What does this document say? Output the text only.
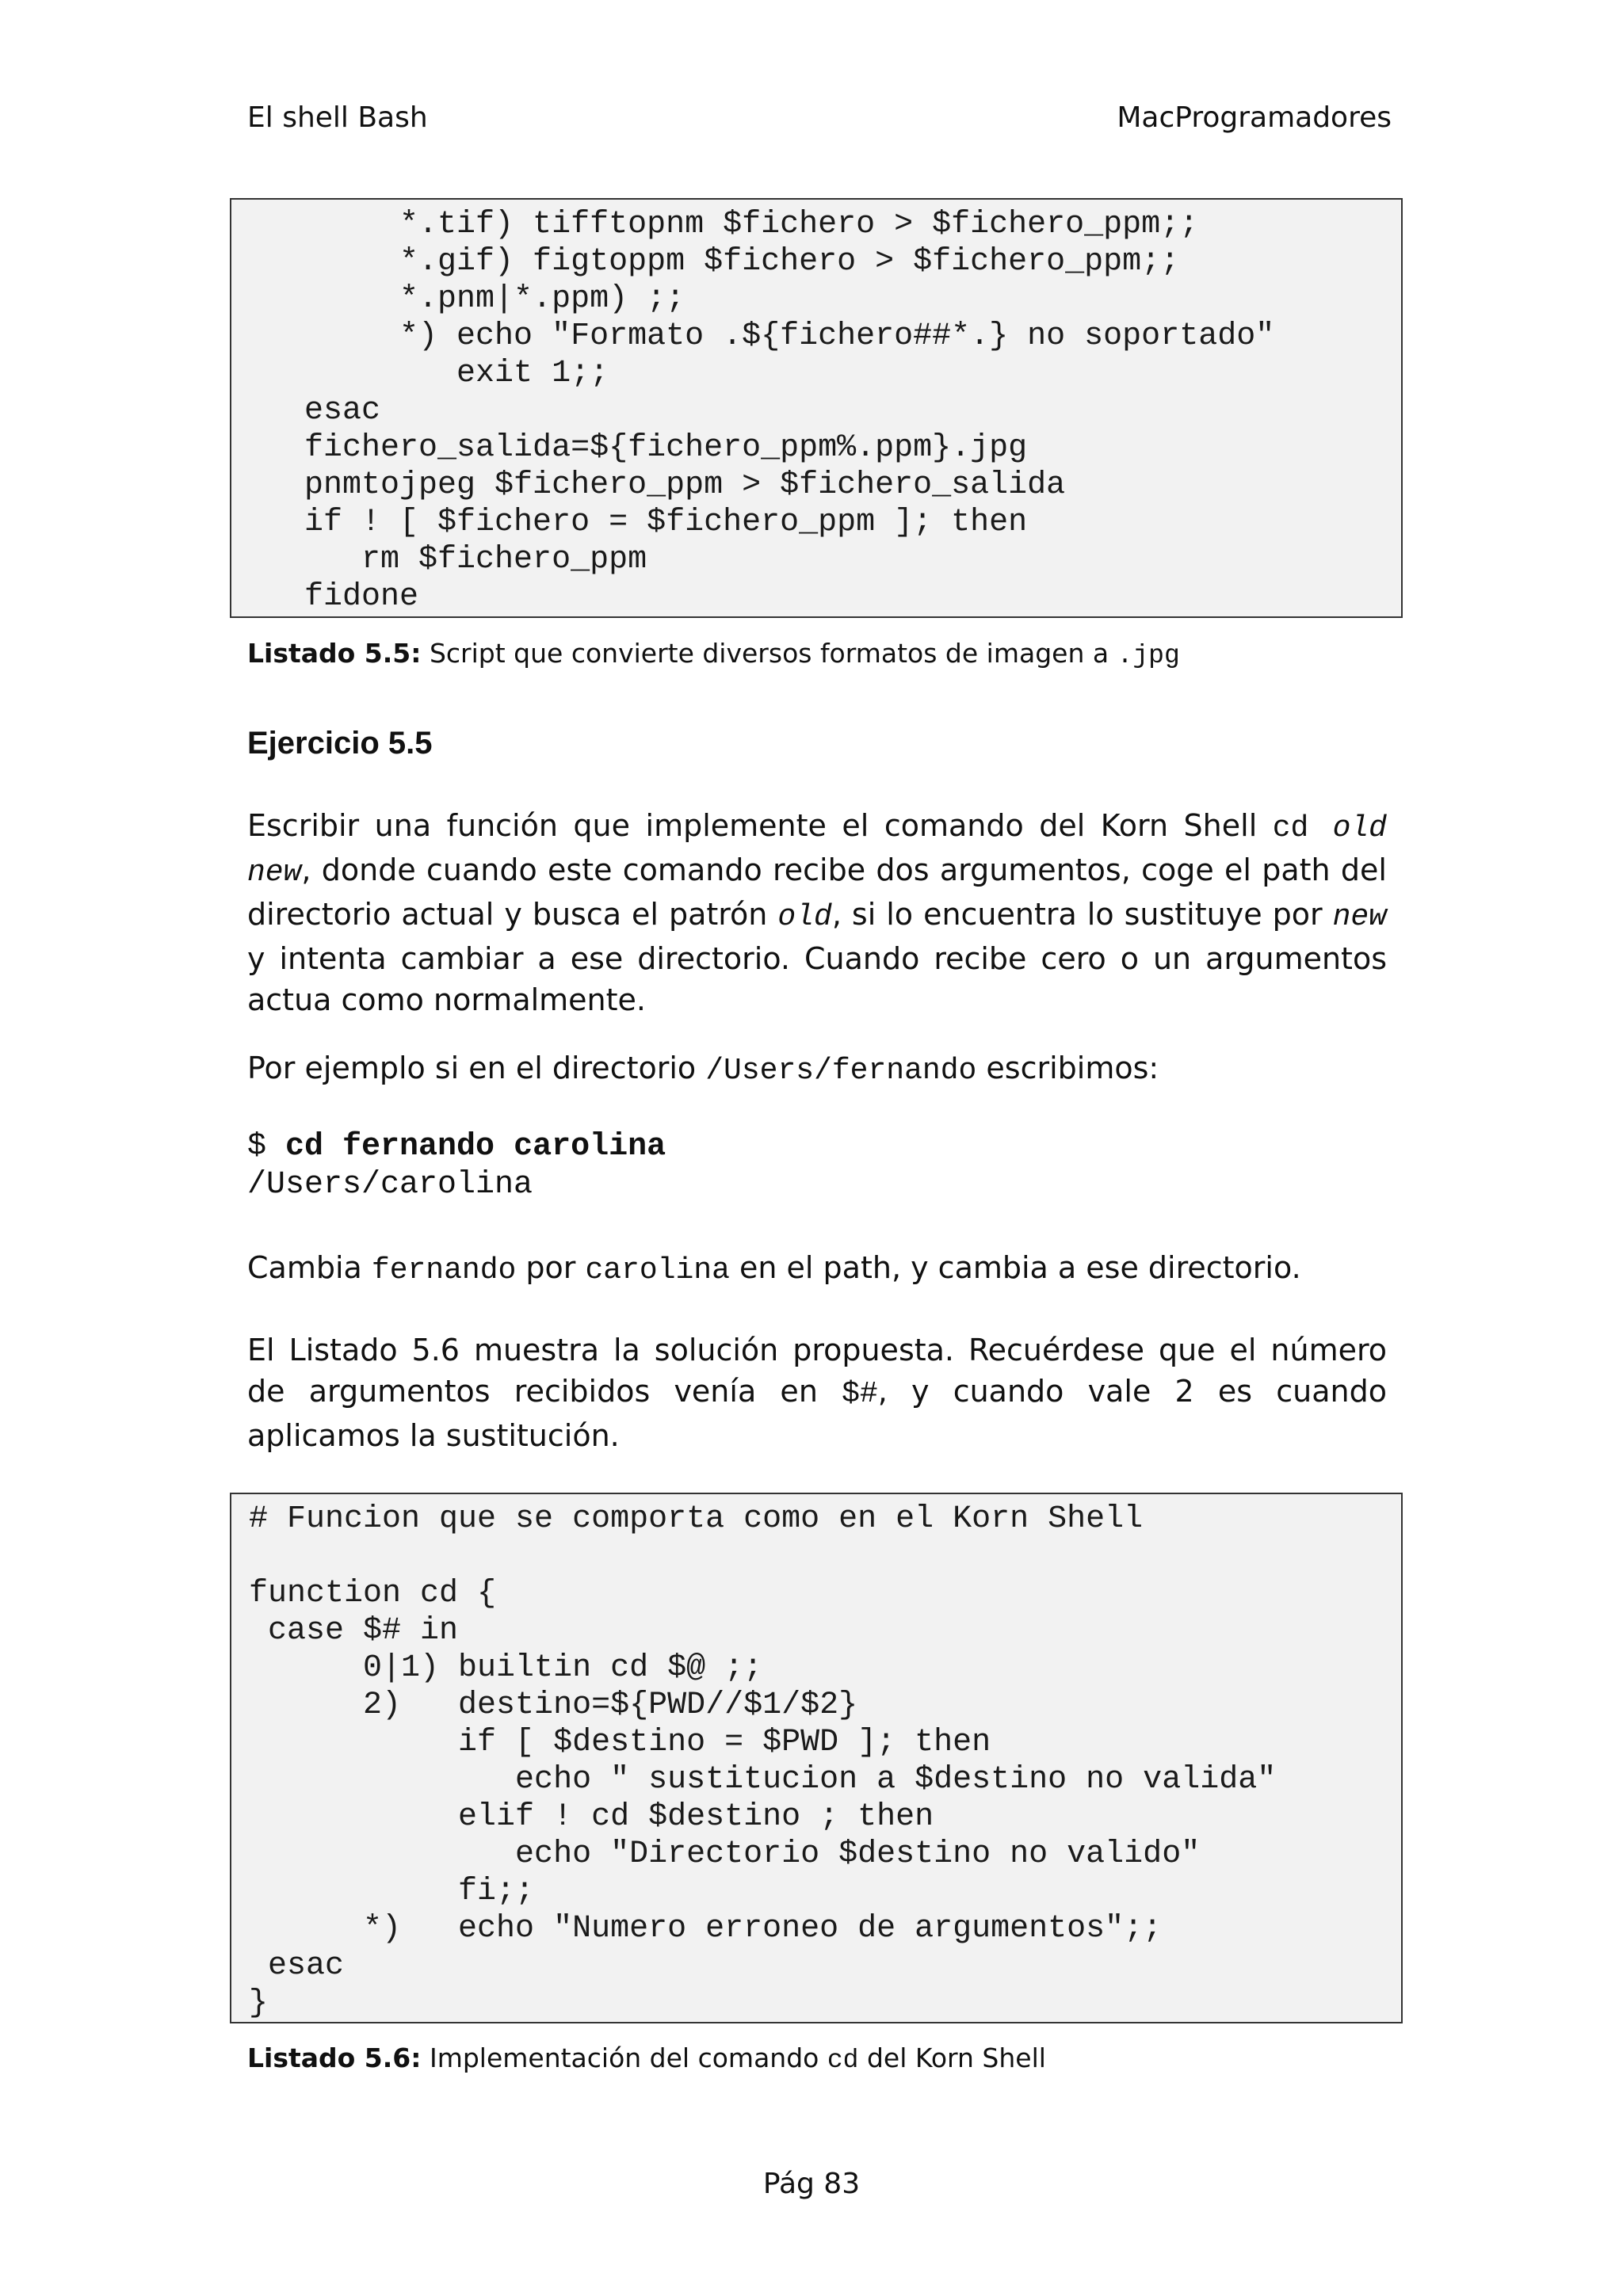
El shell Bash	MacProgramadores
*.tif) tifftopnm $fichero > $fichero_ppm;;
*.gif) figtoppm $fichero > $fichero_ppm;;
*.pnm|*.ppm) ;;
*) echo "Formato .${fichero##*.} no soportado"
exit 1;;
esac
fichero_salida=${fichero_ppm%.ppm}.jpg
pnmtojpeg $fichero_ppm > $fichero_salida
if ! [ $fichero = $fichero_ppm ]; then
rm $fichero_ppm
fidone
Listado 5.5: Script que convierte diversos formatos de imagen a .jpg
Ejercicio 5.5
Escribir una función que implemente el comando del Korn Shell cd old new, donde cuando este comando recibe dos argumentos, coge el path del directorio actual y busca el patrón old, si lo encuentra lo sustituye por new y intenta cambiar a ese directorio. Cuando recibe cero o un argumentos actua como normalmente.
Por ejemplo si en el directorio /Users/fernando escribimos:
$ cd fernando carolina
/Users/carolina
Cambia fernando por carolina en el path, y cambia a ese directorio.
El Listado 5.6 muestra la solución propuesta. Recuérdese que el número de argumentos recibidos venía en $#, y cuando vale 2 es cuando aplicamos la sustitución.
# Funcion que se comporta como en el Korn Shell

function cd {
case $# in
0|1) builtin cd $@ ;;
2)   destino=${PWD//$1/$2}
if [ $destino = $PWD ]; then
echo " sustitucion a $destino no valida"
elif ! cd $destino ; then
echo "Directorio $destino no valido"
fi;;
*)   echo "Numero erroneo de argumentos";;
esac
}
Listado 5.6: Implementación del comando cd del Korn Shell
Pág 83
